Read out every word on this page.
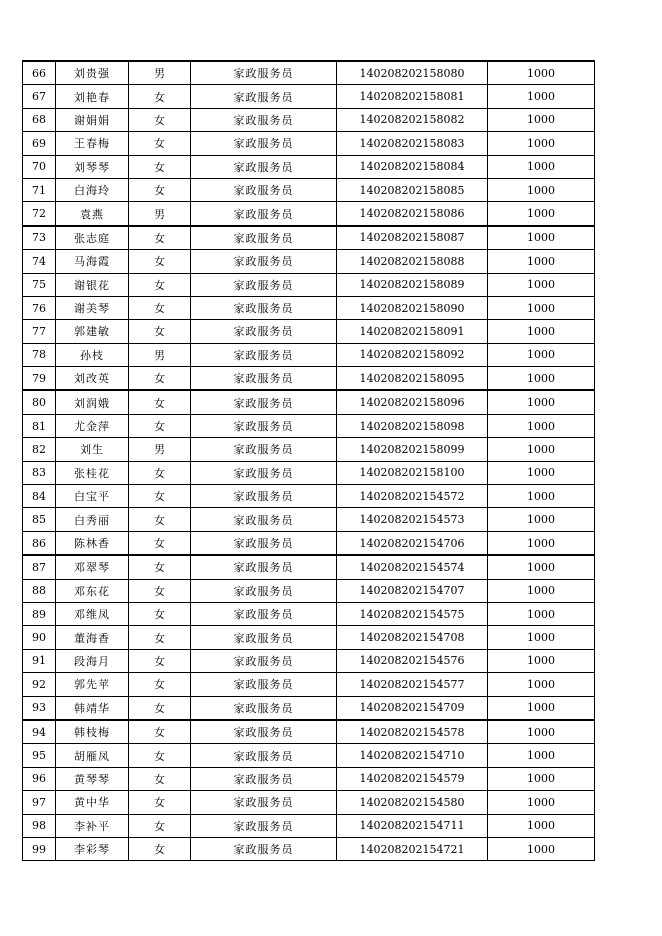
66	刘贵强	男	家政服务员	140208202158080	1000
67	刘艳春	女	家政服务员	140208202158081	1000
68	谢娟娟	女	家政服务员	140208202158082	1000
69	王春梅	女	家政服务员	140208202158083	1000
70	刘琴琴	女	家政服务员	140208202158084	1000
71	白海玲	女	家政服务员	140208202158085	1000
72	袁燕	男	家政服务员	140208202158086	1000
73	张志庭	女	家政服务员	140208202158087	1000
74	马海霞	女	家政服务员	140208202158088	1000
75	谢银花	女	家政服务员	140208202158089	1000
76	谢美琴	女	家政服务员	140208202158090	1000
77	郭建敏	女	家政服务员	140208202158091	1000
78	孙枝	男	家政服务员	140208202158092	1000
79	刘改英	女	家政服务员	140208202158095	1000
80	刘润娥	女	家政服务员	140208202158096	1000
81	尤金萍	女	家政服务员	140208202158098	1000
82	刘生	男	家政服务员	140208202158099	1000
83	张桂花	女	家政服务员	140208202158100	1000
84	白宝平	女	家政服务员	140208202154572	1000
85	白秀丽	女	家政服务员	140208202154573	1000
86	陈林香	女	家政服务员	140208202154706	1000
87	邓翠琴	女	家政服务员	140208202154574	1000
88	邓东花	女	家政服务员	140208202154707	1000
89	邓维凤	女	家政服务员	140208202154575	1000
90	董海香	女	家政服务员	140208202154708	1000
91	段海月	女	家政服务员	140208202154576	1000
92	郭先苹	女	家政服务员	140208202154577	1000
93	韩靖华	女	家政服务员	140208202154709	1000
94	韩枝梅	女	家政服务员	140208202154578	1000
95	胡雁凤	女	家政服务员	140208202154710	1000
96	黄琴琴	女	家政服务员	140208202154579	1000
97	黄中华	女	家政服务员	140208202154580	1000
98	李补平	女	家政服务员	140208202154711	1000
99	李彩琴	女	家政服务员	140208202154721	1000
